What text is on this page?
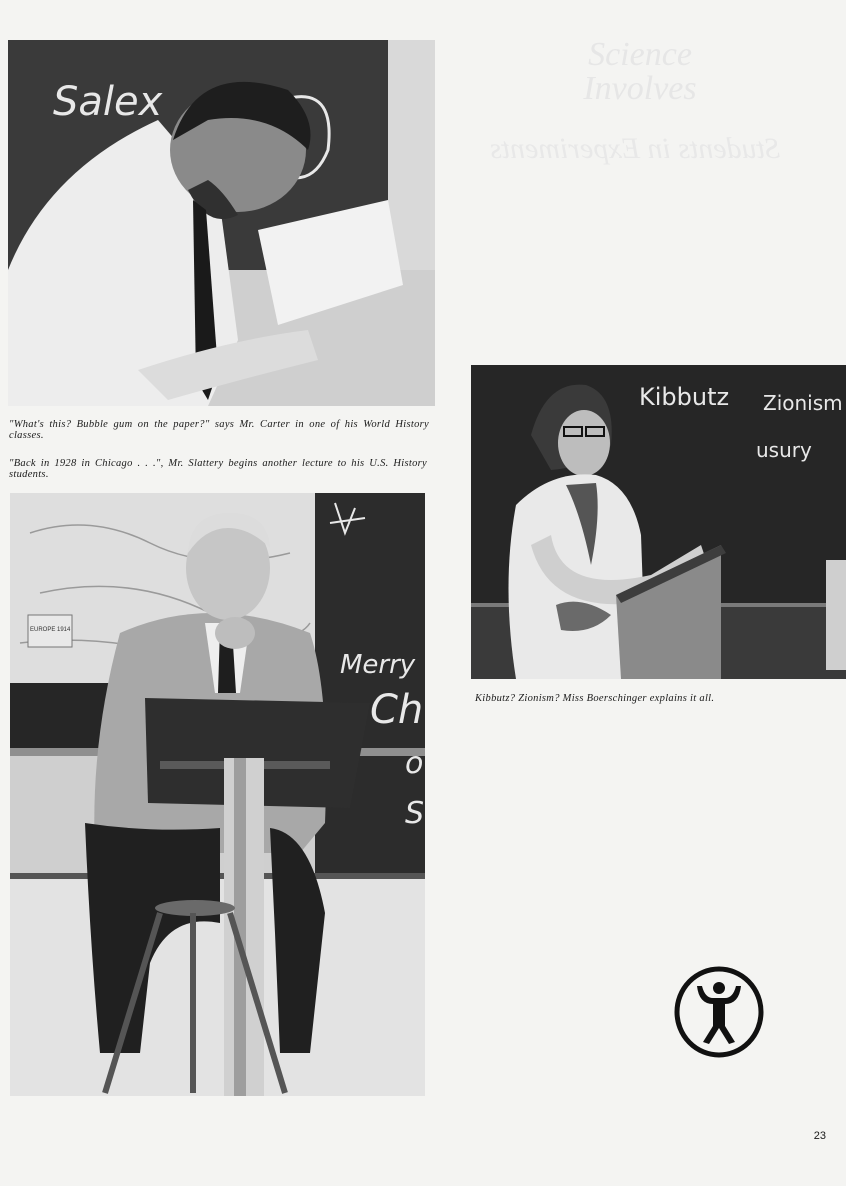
Science
Involves
Students in Experiments
Salex
"What's this? Bubble gum on the paper?" says Mr. Carter in one of his World History classes.
"Back in 1928 in Chicago . . .", Mr. Slattery begins another lecture to his U.S. History students.
EUROPE 1914
Merry
Ch
o
S
Kibbutz Zionism
usury
Kibbutz? Zionism? Miss Boerschinger explains it all.
23
